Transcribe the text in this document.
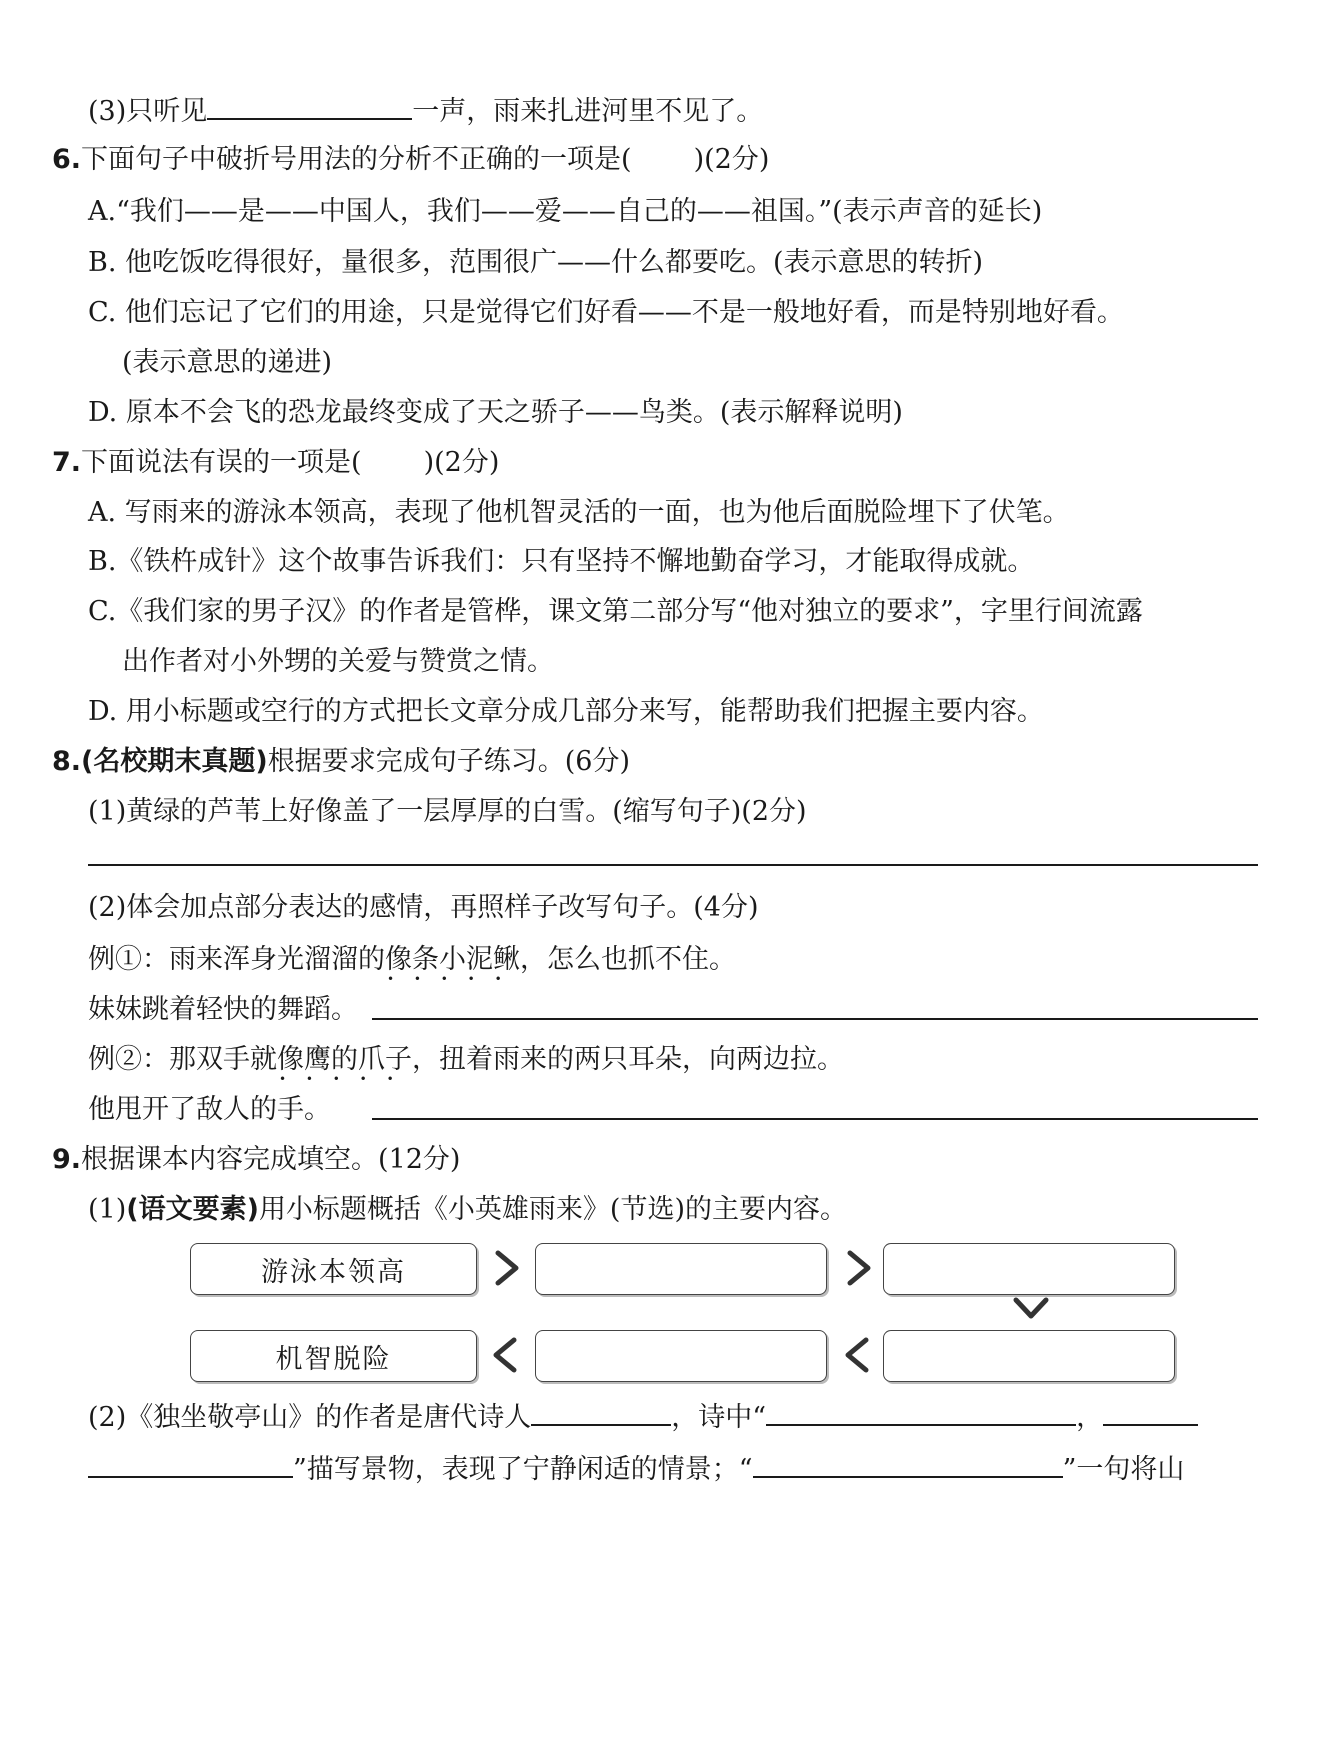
(3)只听见	一声，雨来扎进河里不见了。
6.下面句子中破折号用法的分析不正确的一项是( )(2分)
A.“我们——是——中国人，我们——爱——自己的——祖国。”(表示声音的延长)
B. 他吃饭吃得很好，量很多，范围很广——什么都要吃。(表示意思的转折)
C. 他们忘记了它们的用途，只是觉得它们好看——不是一般地好看，而是特别地好看。
(表示意思的递进)
D. 原本不会飞的恐龙最终变成了天之骄子——鸟类。(表示解释说明)
7.下面说法有误的一项是( )(2分)
A. 写雨来的游泳本领高，表现了他机智灵活的一面，也为他后面脱险埋下了伏笔。
B.《铁杵成针》这个故事告诉我们：只有坚持不懈地勤奋学习，才能取得成就。
C.《我们家的男子汉》的作者是管桦，课文第二部分写“他对独立的要求”，字里行间流露
出作者对小外甥的关爱与赞赏之情。
D. 用小标题或空行的方式把长文章分成几部分来写，能帮助我们把握主要内容。
8.(名校期末真题)根据要求完成句子练习。(6分)
(1)黄绿的芦苇上好像盖了一层厚厚的白雪。(缩写句子)(2分)
(2)体会加点部分表达的感情，再照样子改写句子。(4分)
例①：雨来浑身光溜溜的像条小泥鳅 • • •，怎么也抓不住。
妹妹跳着轻快的舞蹈。
例②：那双手就像鹰的爪子 • • •，扭着雨来的两只耳朵，向两边拉。
他甩开了敌人的手。
9.根据课本内容完成填空。(12分)
(1)(语文要素)用小标题概括《小英雄雨来》(节选)的主要内容。
游泳本领高
机智脱险
(2)《独坐敬亭山》的作者是唐代诗人	，诗中“	，
”描写景物，表现了宁静闲适的情景；“	”一句将山
